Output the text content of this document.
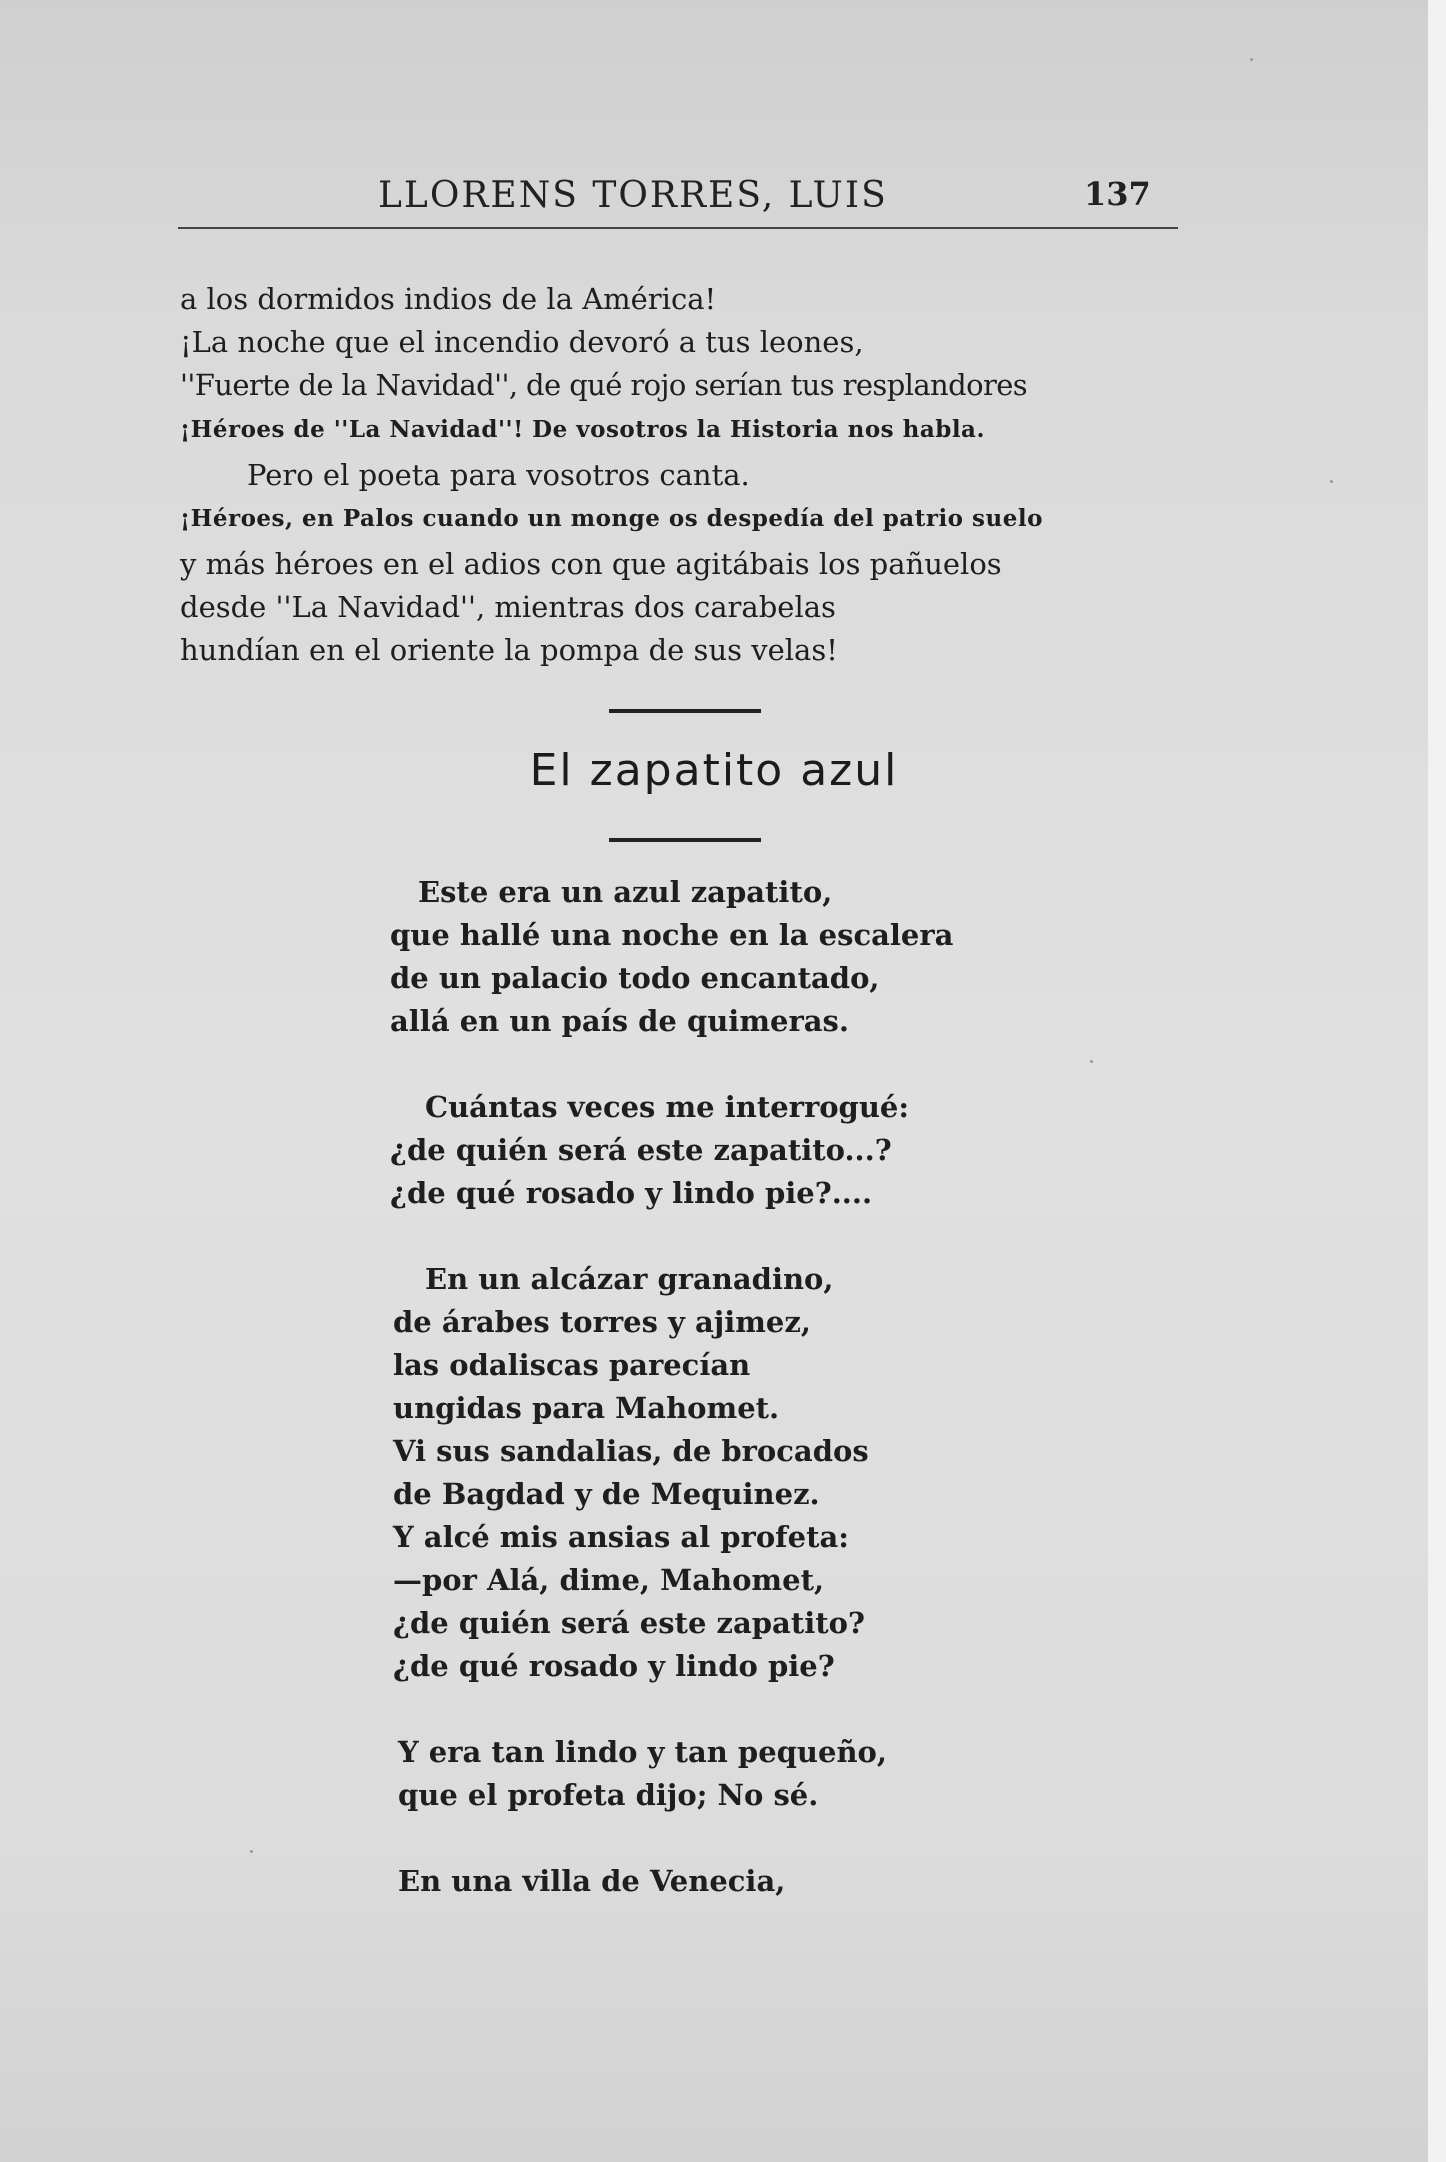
LLORENS TORRES, LUIS	137
a los dormidos indios de la América!
¡La noche que el incendio devoró a tus leones,
''Fuerte de la Navidad'', de qué rojo serían tus resplandores
¡Héroes de ''La Navidad''! De vosotros la Historia nos habla.
Pero el poeta para vosotros canta.
¡Héroes, en Palos cuando un monge os despedía del patrio suelo
y más héroes en el adios con que agitábais los pañuelos
desde ''La Navidad'', mientras dos carabelas
hundían en el oriente la pompa de sus velas!
El zapatito azul
Este era un azul zapatito,
que hallé una noche en la escalera
de un palacio todo encantado,
allá en un país de quimeras.
Cuántas veces me interrogué:
¿de quién será este zapatito...?
¿de qué rosado y lindo pie?....
En un alcázar granadino,
de árabes torres y ajimez,
las odaliscas parecían
ungidas para Mahomet.
Vi sus sandalias, de brocados
de Bagdad y de Mequinez.
Y alcé mis ansias al profeta:
—por Alá, dime, Mahomet,
¿de quién será este zapatito?
¿de qué rosado y lindo pie?
Y era tan lindo y tan pequeño,
que el profeta dijo; No sé.
En una villa de Venecia,
